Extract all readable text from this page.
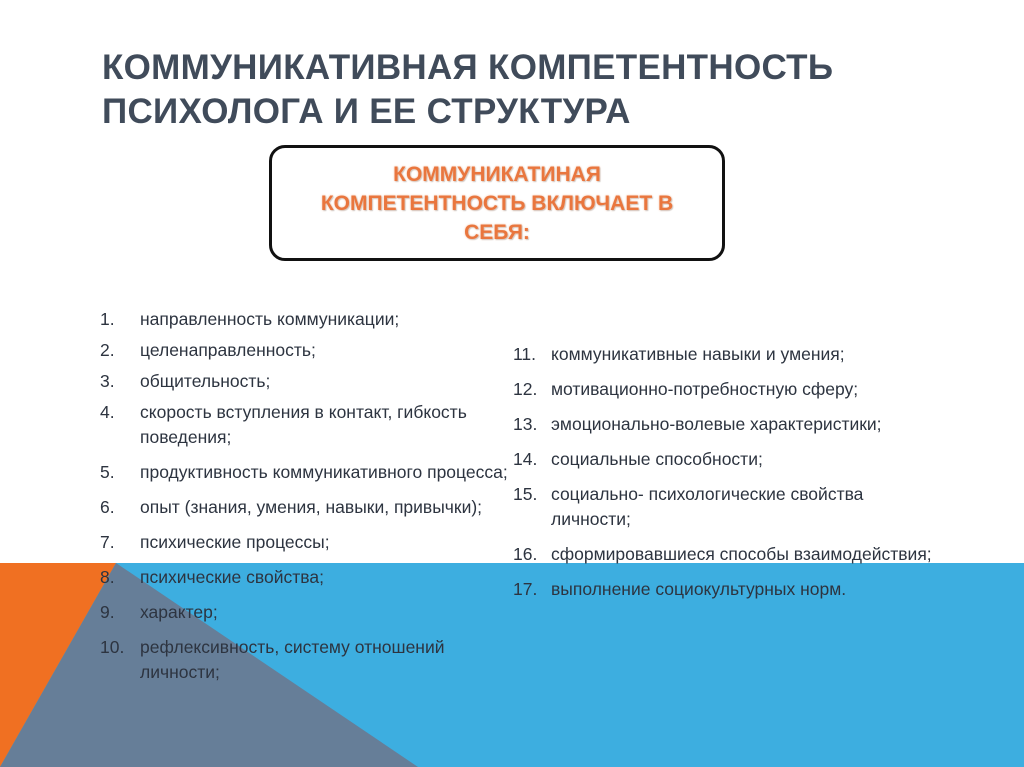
КОММУНИКАТИВНАЯ КОМПЕТЕНТНОСТЬ ПСИХОЛОГА И ЕЕ СТРУКТУРА
КОММУНИКАТИНАЯ КОМПЕТЕНТНОСТЬ ВКЛЮЧАЕТ В СЕБЯ:
1.	направленность коммуникации;
2.	целенаправленность;
3.	общительность;
4.	скорость вступления в контакт, гибкость поведения;
5.	продуктивность коммуникативного процесса;
6.	опыт (знания, умения, навыки, привычки);
7.	психические процессы;
8.	психические свойства;
9.	характер;
10. рефлексивность, систему отношений личности;
11. коммуникативные навыки и умения;
12. мотивационно-потребностную сферу;
13. эмоционально-волевые характеристики;
14. социальные способности;
15. социально- психологические свойства личности;
16. сформировавшиеся способы взаимодействия;
17. выполнение социокультурных норм.
